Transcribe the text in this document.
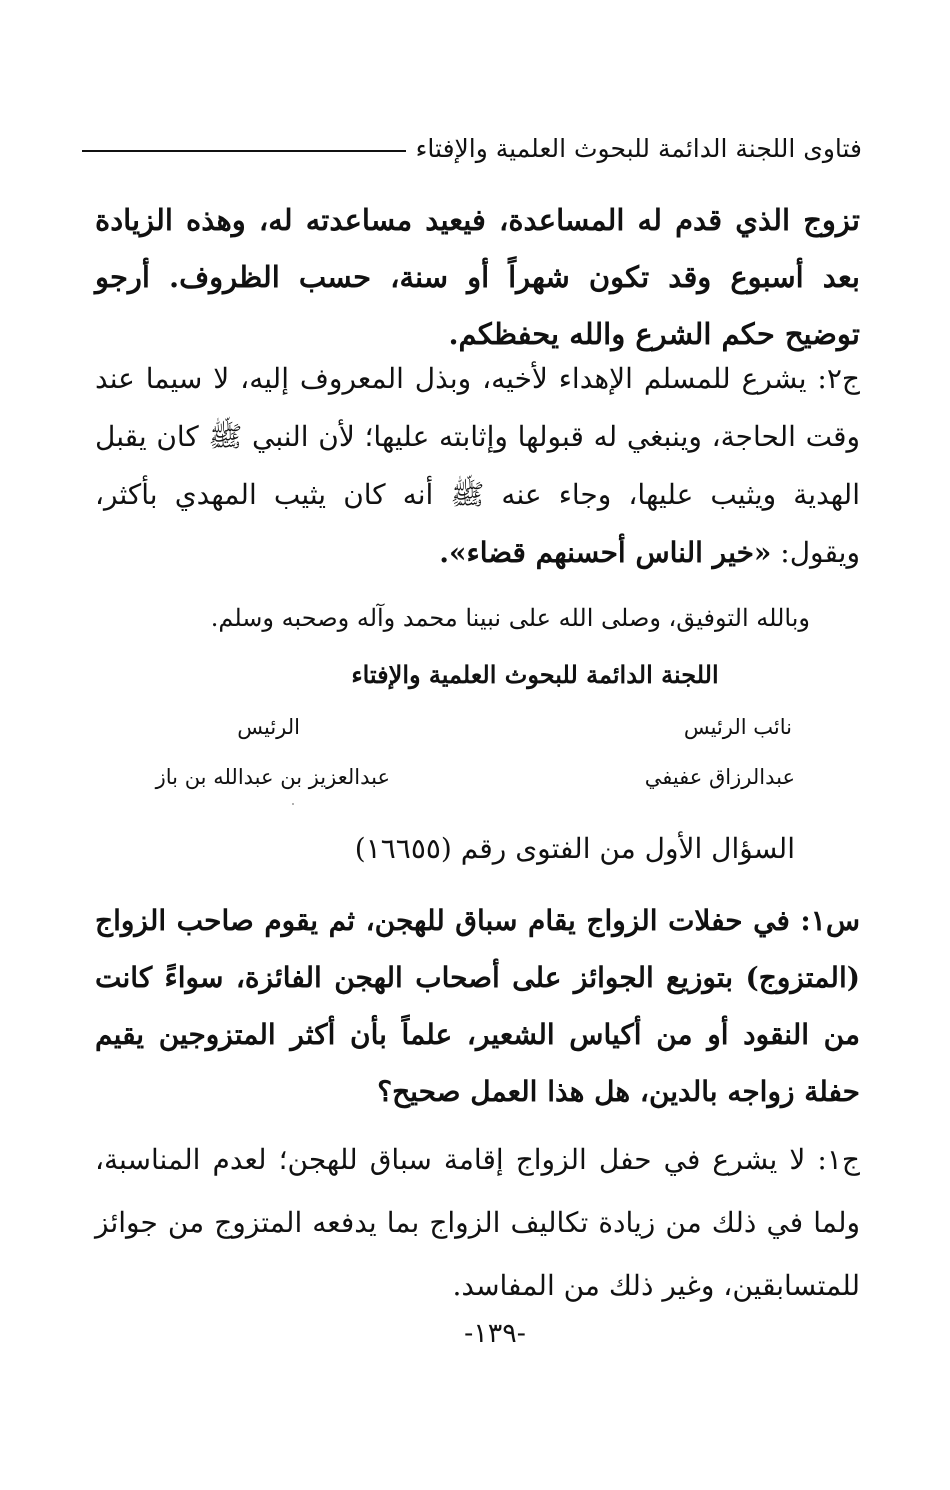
فتاوى اللجنة الدائمة للبحوث العلمية والإفتاء
تزوج الذي قدم له المساعدة، فيعيد مساعدته له، وهذه الزيادة بعد أسبوع وقد تكون شهراً أو سنة، حسب الظروف. أرجو توضيح حكم الشرع والله يحفظكم.
ج٢: يشرع للمسلم الإهداء لأخيه، وبذل المعروف إليه، لا سيما عند وقت الحاجة، وينبغي له قبولها وإثابته عليها؛ لأن النبي ﷺ كان يقبل الهدية ويثيب عليها، وجاء عنه ﷺ أنه كان يثيب المهدي بأكثر، ويقول: «خير الناس أحسنهم قضاء».
وبالله التوفيق، وصلى الله على نبينا محمد وآله وصحبه وسلم.
اللجنة الدائمة للبحوث العلمية والإفتاء
نائب الرئيس
الرئيس
عبدالرزاق عفيفي
عبدالعزيز بن عبدالله بن باز
السؤال الأول من الفتوى رقم (١٦٦٥٥)
س١: في حفلات الزواج يقام سباق للهجن، ثم يقوم صاحب الزواج (المتزوج) بتوزيع الجوائز على أصحاب الهجن الفائزة، سواءً كانت من النقود أو من أكياس الشعير، علماً بأن أكثر المتزوجين يقيم حفلة زواجه بالدين، هل هذا العمل صحيح؟
ج١: لا يشرع في حفل الزواج إقامة سباق للهجن؛ لعدم المناسبة، ولما في ذلك من زيادة تكاليف الزواج بما يدفعه المتزوج من جوائز للمتسابقين، وغير ذلك من المفاسد.
-١٣٩-
